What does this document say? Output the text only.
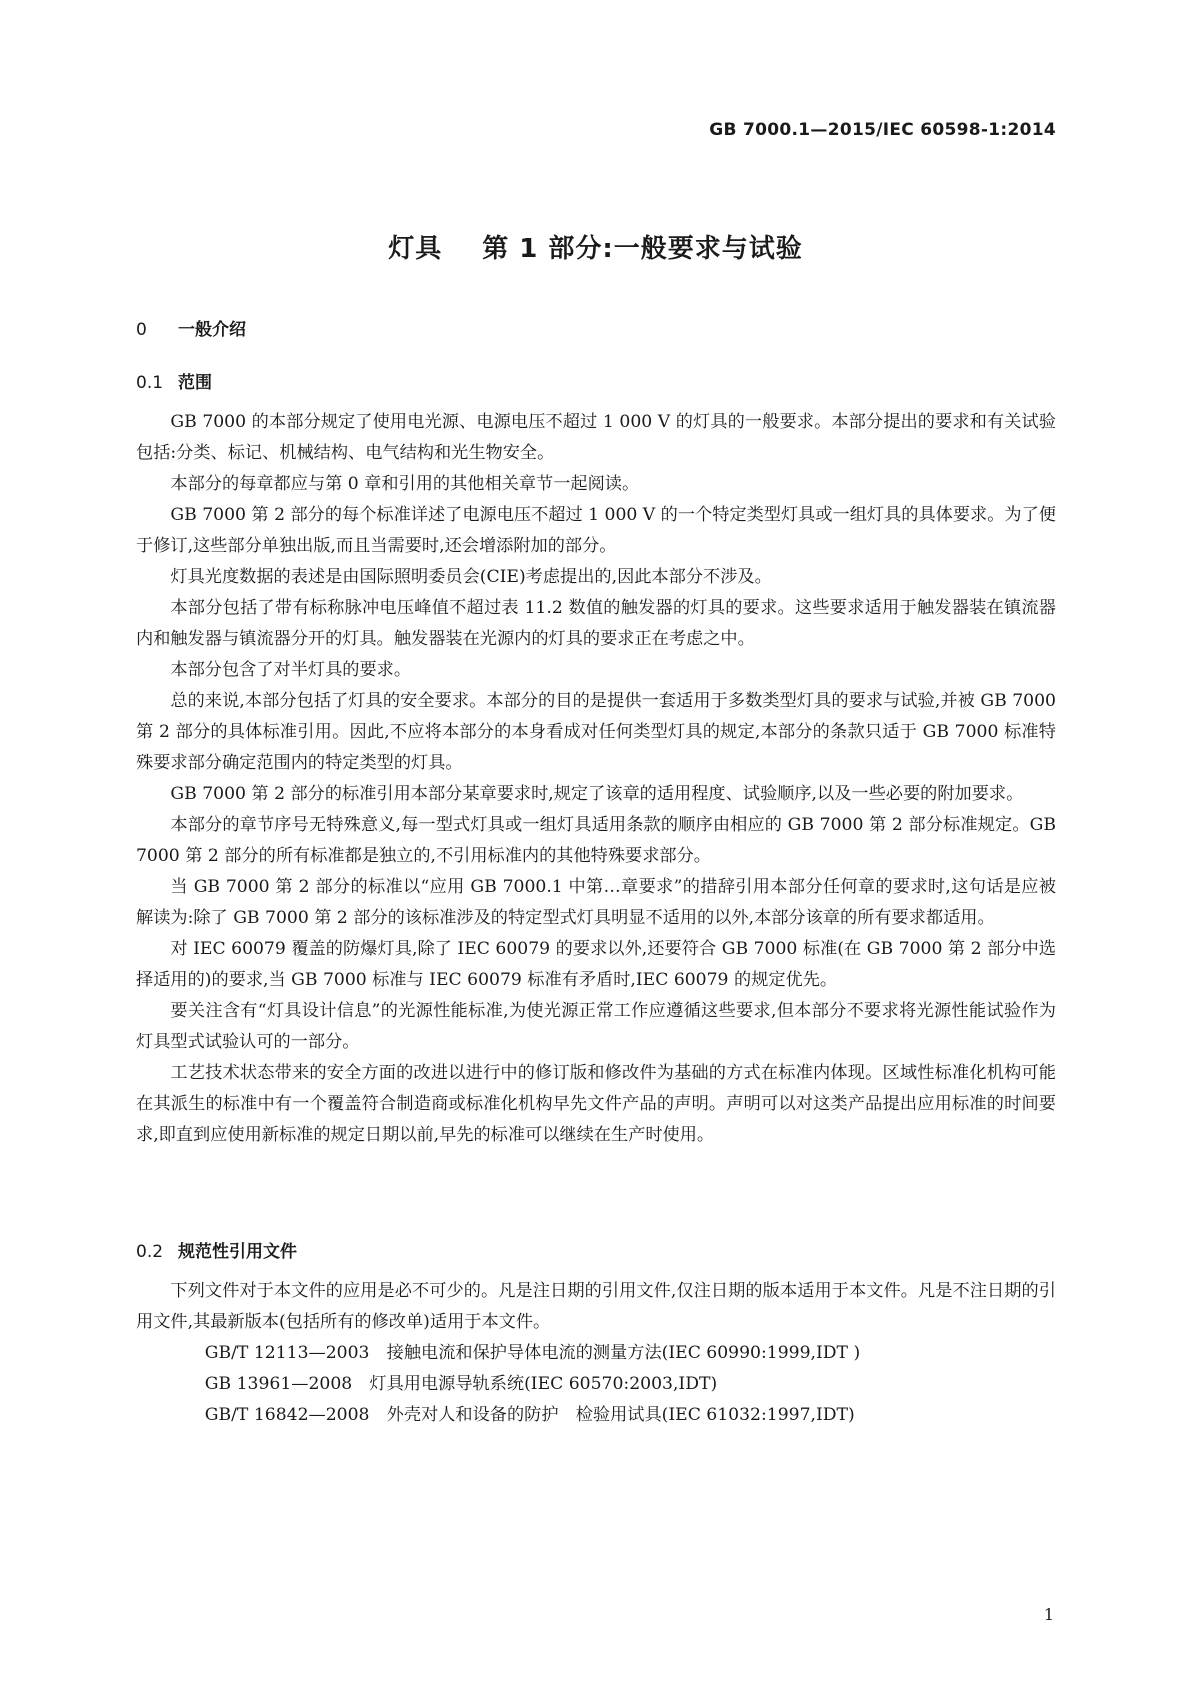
GB 7000.1—2015/IEC 60598-1:2014
灯具 第 1 部分:一般要求与试验
0 一般介绍
0.1 范围

GB 7000 的本部分规定了使用电光源、电源电压不超过 1 000 V 的灯具的一般要求。本部分提出的要求和有关试验包括:分类、标记、机械结构、电气结构和光生物安全。

本部分的每章都应与第 0 章和引用的其他相关章节一起阅读。

GB 7000 第 2 部分的每个标准详述了电源电压不超过 1 000 V 的一个特定类型灯具或一组灯具的具体要求。为了便于修订,这些部分单独出版,而且当需要时,还会增添附加的部分。

灯具光度数据的表述是由国际照明委员会(CIE)考虑提出的,因此本部分不涉及。

本部分包括了带有标称脉冲电压峰值不超过表 11.2 数值的触发器的灯具的要求。这些要求适用于触发器装在镇流器内和触发器与镇流器分开的灯具。触发器装在光源内的灯具的要求正在考虑之中。

本部分包含了对半灯具的要求。

总的来说,本部分包括了灯具的安全要求。本部分的目的是提供一套适用于多数类型灯具的要求与试验,并被 GB 7000 第 2 部分的具体标准引用。因此,不应将本部分的本身看成对任何类型灯具的规定,本部分的条款只适于 GB 7000 标准特殊要求部分确定范围内的特定类型的灯具。

GB 7000 第 2 部分的标准引用本部分某章要求时,规定了该章的适用程度、试验顺序,以及一些必要的附加要求。

本部分的章节序号无特殊意义,每一型式灯具或一组灯具适用条款的顺序由相应的 GB 7000 第 2 部分标准规定。GB 7000 第 2 部分的所有标准都是独立的,不引用标准内的其他特殊要求部分。

当 GB 7000 第 2 部分的标准以“应用 GB 7000.1 中第…章要求”的措辞引用本部分任何章的要求时,这句话是应被解读为:除了 GB 7000 第 2 部分的该标准涉及的特定型式灯具明显不适用的以外,本部分该章的所有要求都适用。

对 IEC 60079 覆盖的防爆灯具,除了 IEC 60079 的要求以外,还要符合 GB 7000 标准(在 GB 7000 第 2 部分中选择适用的)的要求,当 GB 7000 标准与 IEC 60079 标准有矛盾时,IEC 60079 的规定优先。

要关注含有“灯具设计信息”的光源性能标准,为使光源正常工作应遵循这些要求,但本部分不要求将光源性能试验作为灯具型式试验认可的一部分。

工艺技术状态带来的安全方面的改进以进行中的修订版和修改件为基础的方式在标准内体现。区域性标准化机构可能在其派生的标准中有一个覆盖符合制造商或标准化机构早先文件产品的声明。声明可以对这类产品提出应用标准的时间要求,即直到应使用新标准的规定日期以前,早先的标准可以继续在生产时使用。

0.2 规范性引用文件

下列文件对于本文件的应用是必不可少的。凡是注日期的引用文件,仅注日期的版本适用于本文件。凡是不注日期的引用文件,其最新版本(包括所有的修改单)适用于本文件。

GB/T 12113—2003　接触电流和保护导体电流的测量方法(IEC 60990:1999,IDT )

GB 13961—2008　灯具用电源导轨系统(IEC 60570:2003,IDT)

GB/T 16842—2008　外壳对人和设备的防护　检验用试具(IEC 61032:1997,IDT)

1
